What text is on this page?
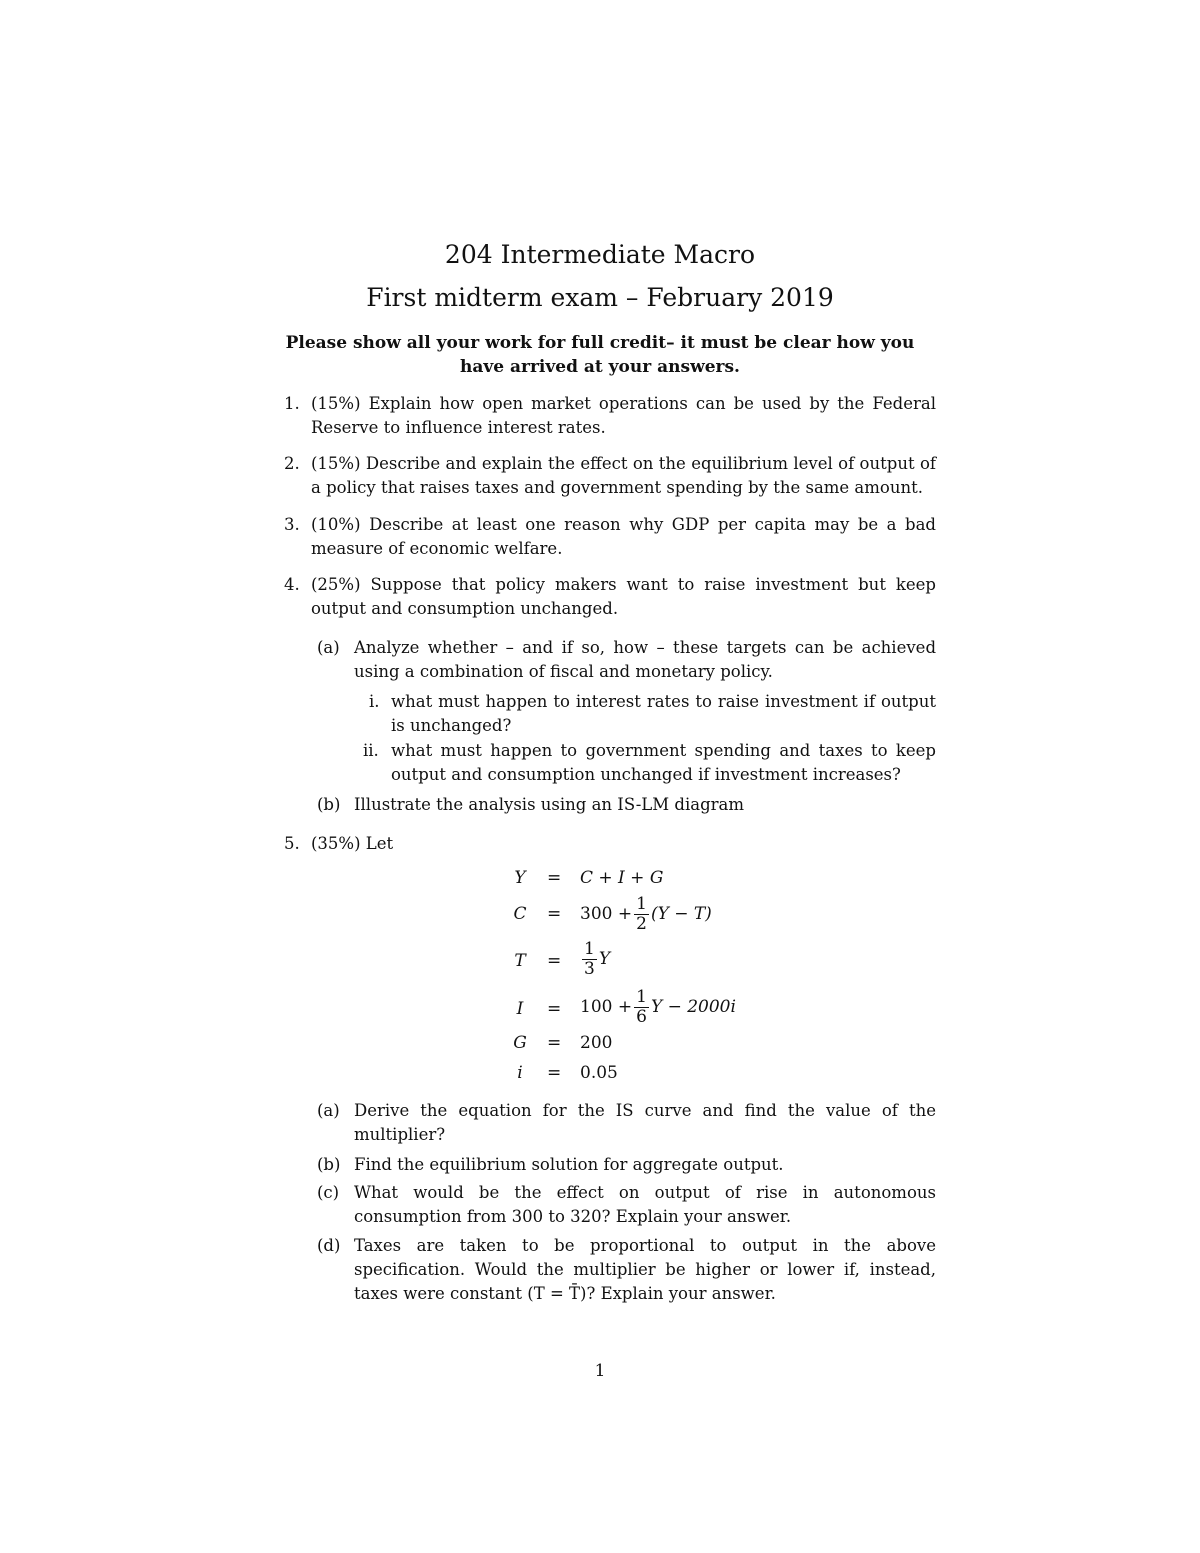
204 Intermediate Macro
First midterm exam – February 2019
Please show all your work for full credit– it must be clear how you have arrived at your answers.
1. (15%) Explain how open market operations can be used by the Federal Reserve to influence interest rates.
2. (15%) Describe and explain the effect on the equilibrium level of output of a policy that raises taxes and government spending by the same amount.
3. (10%) Describe at least one reason why GDP per capita may be a bad measure of economic welfare.
4. (25%) Suppose that policy makers want to raise investment but keep output and consumption unchanged.
(a) Analyze whether – and if so, how – these targets can be achieved using a combination of fiscal and monetary policy.
i. what must happen to interest rates to raise investment if output is unchanged?
ii. what must happen to government spending and taxes to keep output and consumption unchanged if investment increases?
(b) Illustrate the analysis using an IS-LM diagram
5. (35%) Let
Y	= C + I + G
C	= $300 + \frac{1}{2} (Y - T)$
T	= $\frac{1}{3}$ Y
I	= $100 + \frac{1}{6}$ Y − 2000i
G	= 200
i	= 0.05
(a) Derive the equation for the IS curve and find the value of the multiplier?
(b) Find the equilibrium solution for aggregate output.
(c) What would be the effect on output of rise in autonomous consumption from 300 to 320? Explain your answer.
(d) Taxes are taken to be proportional to output in the above specification. Would the multiplier be higher or lower if, instead, taxes were constant (T = T̄)? Explain your answer.
1
